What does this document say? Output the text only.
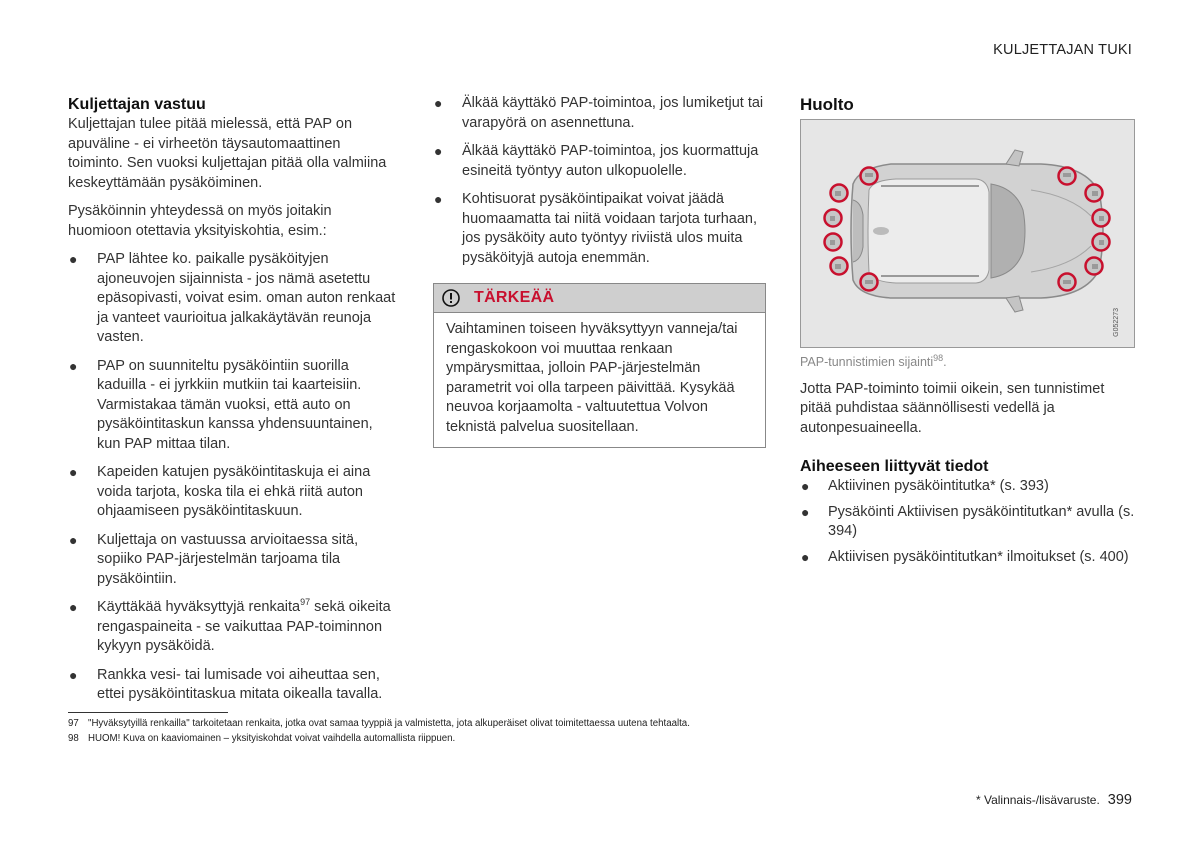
KULJETTAJAN TUKI
Kuljettajan vastuu

Kuljettajan tulee pitää mielessä, että PAP on apuväline - ei virheetön täysautomaattinen toiminto. Sen vuoksi kuljettajan pitää olla valmiina keskeyttämään pysäköiminen.

Pysäköinnin yhteydessä on myös joitakin huomioon otettavia yksityiskohtia, esim.:

● PAP lähtee ko. paikalle pysäköityjen ajoneuvojen sijainnista - jos nämä asetettu epäsopivasti, voivat esim. oman auton renkaat ja vanteet vaurioitua jalkakäytävän reunoja vasten.
● PAP on suunniteltu pysäköintiin suorilla kaduilla - ei jyrkkiin mutkiin tai kaarteisiin. Varmistakaa tämän vuoksi, että auto on pysäköintitaskun kanssa yhdensuuntainen, kun PAP mittaa tilan.
● Kapeiden katujen pysäköintitaskuja ei aina voida tarjota, koska tila ei ehkä riitä auton ohjaamiseen pysäköintitaskuun.
● Kuljettaja on vastuussa arvioitaessa sitä, sopiiko PAP-järjestelmän tarjoama tila pysäköintiin.
● Käyttäkää hyväksyttyjä renkaita$^{97}$ sekä oikeita rengaspaineita - se vaikuttaa PAP-toiminnon kykyyn pysäköidä.
● Rankka vesi- tai lumisade voi aiheuttaa sen, ettei pysäköintitaskua mitata oikealla tavalla.
● Älkää käyttäkö PAP-toimintoa, jos lumiketjut tai varapyörä on asennettuna.
● Älkää käyttäkö PAP-toimintoa, jos kuormattuja esineitä työntyy auton ulkopuolelle.
● Kohtisuorat pysäköintipaikat voivat jäädä huomaamatta tai niitä voidaan tarjota turhaan, jos pysäköity auto työntyy riviistä ulos muita pysäköityjä autoja enemmän.
TÄRKEÄÄ
Vaihtaminen toiseen hyväksyttyyn vanneja/tai rengaskokoon voi muuttaa renkaan ympärysmittaa, jolloin PAP-järjestelmän parametrit voi olla tarpeen päivittää. Kysykää neuvoa korjaamolta - valtuutettua Volvon teknistä palvelua suositellaan.
Huolto
G052273
PAP-tunnistimien sijainti$^{98}$.

Jotta PAP-toiminto toimii oikein, sen tunnistimet pitää puhdistaa säännöllisesti vedellä ja autonpesuaineella.

Aiheeseen liittyvät tiedot
● Aktiivinen pysäköintitutka* (s. 393)
● Pysäköinti Aktiivisen pysäköintitutkan* avulla (s. 394)
● Aktiivisen pysäköintitutkan* ilmoitukset (s. 400)
97 "Hyväksytyillä renkailla" tarkoitetaan renkaita, jotka ovat samaa tyyppiä ja valmistetta, jota alkuperäiset olivat toimitettaessa uutena tehtaalta.
98 HUOM! Kuva on kaaviomainen – yksityiskohdat voivat vaihdella automallista riippuen.
* Valinnais-/lisävaruste. 399
